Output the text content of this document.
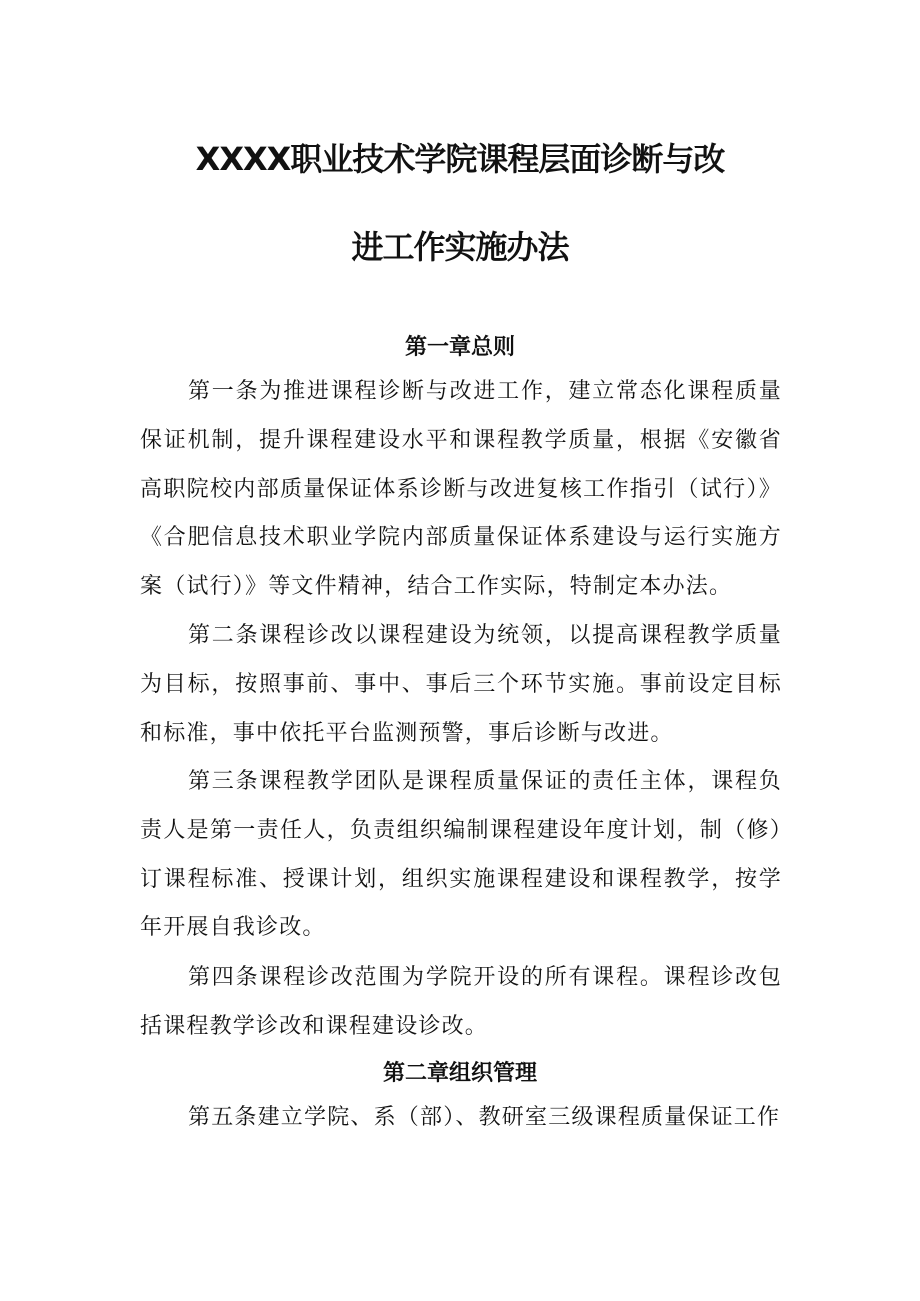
XXXX职业技术学院课程层面诊断与改
进工作实施办法
第一章总则

第一条为推进课程诊断与改进工作，建立常态化课程质量保证机制，提升课程建设水平和课程教学质量，根据《安徽省高职院校内部质量保证体系诊断与改进复核工作指引（试行）》《合肥信息技术职业学院内部质量保证体系建设与运行实施方案（试行）》等文件精神，结合工作实际，特制定本办法。

第二条课程诊改以课程建设为统领，以提高课程教学质量为目标，按照事前、事中、事后三个环节实施。事前设定目标和标准，事中依托平台监测预警，事后诊断与改进。

第三条课程教学团队是课程质量保证的责任主体，课程负责人是第一责任人，负责组织编制课程建设年度计划，制（修）订课程标准、授课计划，组织实施课程建设和课程教学，按学年开展自我诊改。

第四条课程诊改范围为学院开设的所有课程。课程诊改包括课程教学诊改和课程建设诊改。

第二章组织管理

第五条建立学院、系（部）、教研室三级课程质量保证工作
